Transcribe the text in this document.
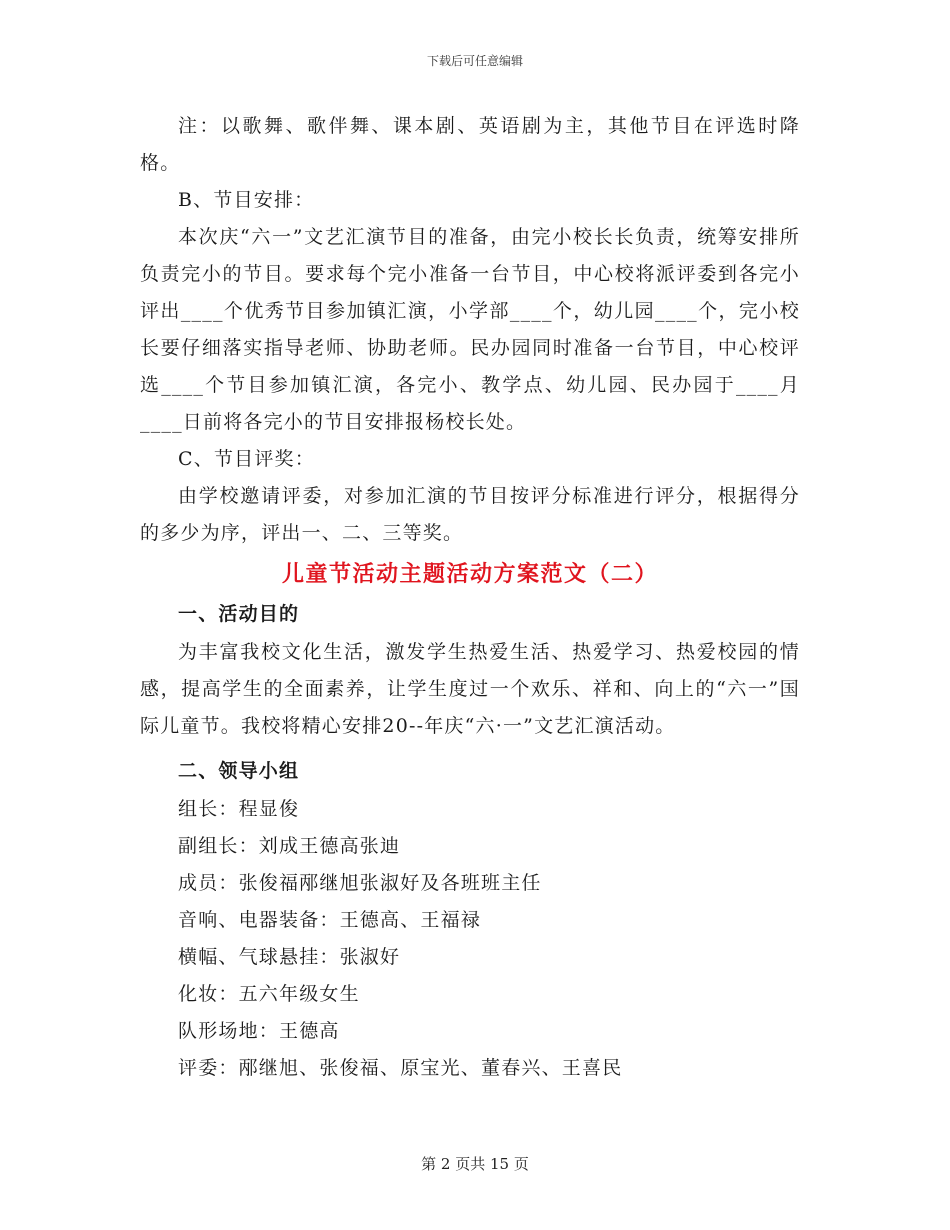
下载后可任意编辑

注：以歌舞、歌伴舞、课本剧、英语剧为主，其他节目在评选时降格。

B、节目安排：

本次庆“六一”文艺汇演节目的准备，由完小校长长负责，统筹安排所负责完小的节目。要求每个完小准备一台节目，中心校将派评委到各完小评出____个优秀节目参加镇汇演，小学部____个，幼儿园____个，完小校长要仔细落实指导老师、协助老师。民办园同时准备一台节目，中心校评选____个节目参加镇汇演，各完小、教学点、幼儿园、民办园于____月____日前将各完小的节目安排报杨校长处。

C、节目评奖：

由学校邀请评委，对参加汇演的节目按评分标准进行评分，根据得分的多少为序，评出一、二、三等奖。

儿童节活动主题活动方案范文（二）

一、活动目的

为丰富我校文化生活，激发学生热爱生活、热爱学习、热爱校园的情感，提高学生的全面素养，让学生度过一个欢乐、祥和、向上的“六一”国际儿童节。我校将精心安排20--年庆“六·一”文艺汇演活动。

二、领导小组

组长：程显俊

副组长：刘成王德高张迪

成员：张俊福邴继旭张淑好及各班班主任

音响、电器装备：王德高、王福禄

横幅、气球悬挂：张淑好

化妆：五六年级女生

队形场地：王德高

评委：邴继旭、张俊福、原宝光、董春兴、王喜民

第 2 页共 15 页
